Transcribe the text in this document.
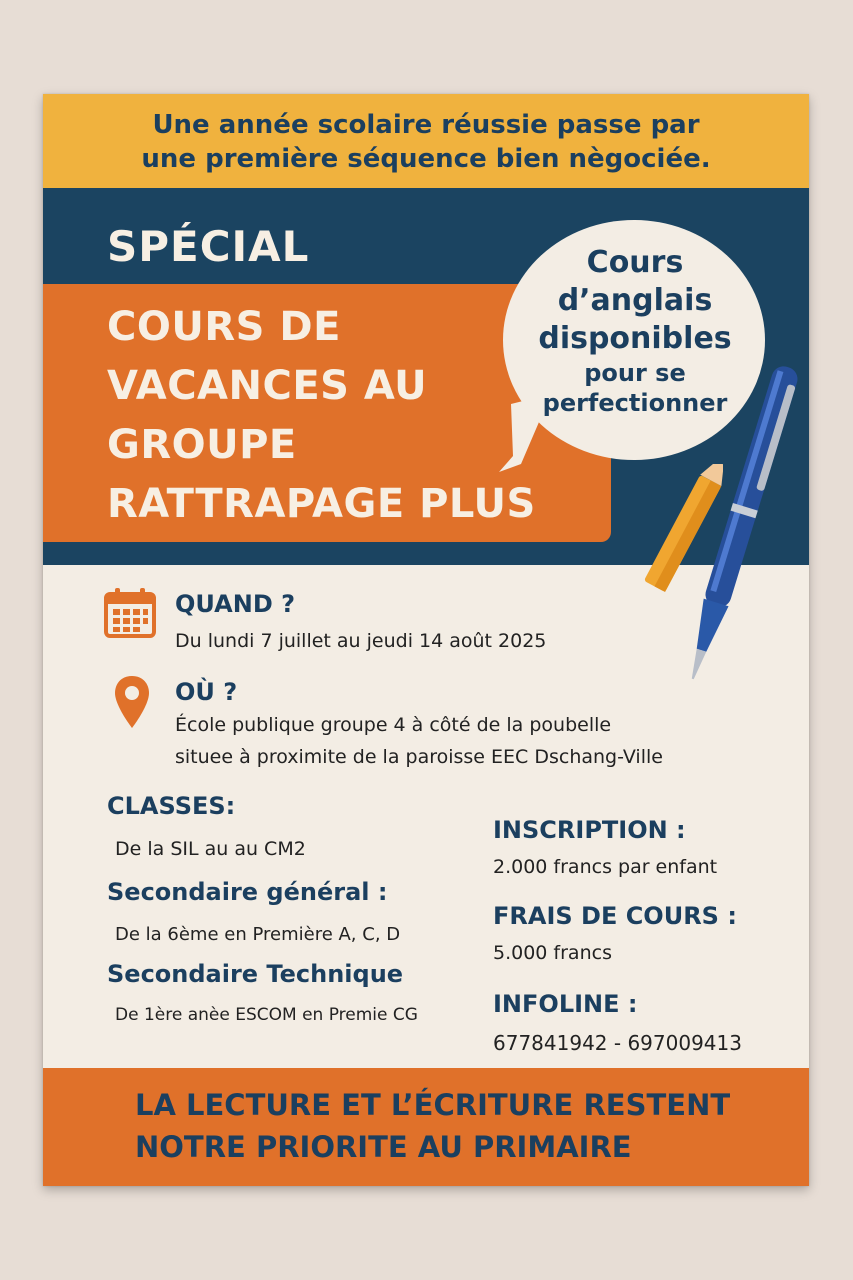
Une année scolaire réussie passe par
une première séquence bien nègociée.
SPÉCIAL
COURS DE
VACANCES AU
GROUPE
RATTRAPAGE PLUS
Cours
d’anglais
disponibles
pour se
perfectionner
QUAND ?
Du lundi 7 juillet au jeudi 14 août 2025
OÙ ?
École publique groupe 4 à côté de la poubelle
situee à proximite de la paroisse EEC Dschang-Ville
CLASSES:
De la SIL au au CM2
Secondaire général :
De la 6ème en Première A, C, D
Secondaire Technique
De 1ère anèe ESCOM en Premie CG
INSCRIPTION :
2.000 francs par enfant
FRAIS DE COURS :
5.000 francs
INFOLINE :
677841942 - 697009413
LA LECTURE ET L’ÉCRITURE RESTENT
NOTRE PRIORITE AU PRIMAIRE
